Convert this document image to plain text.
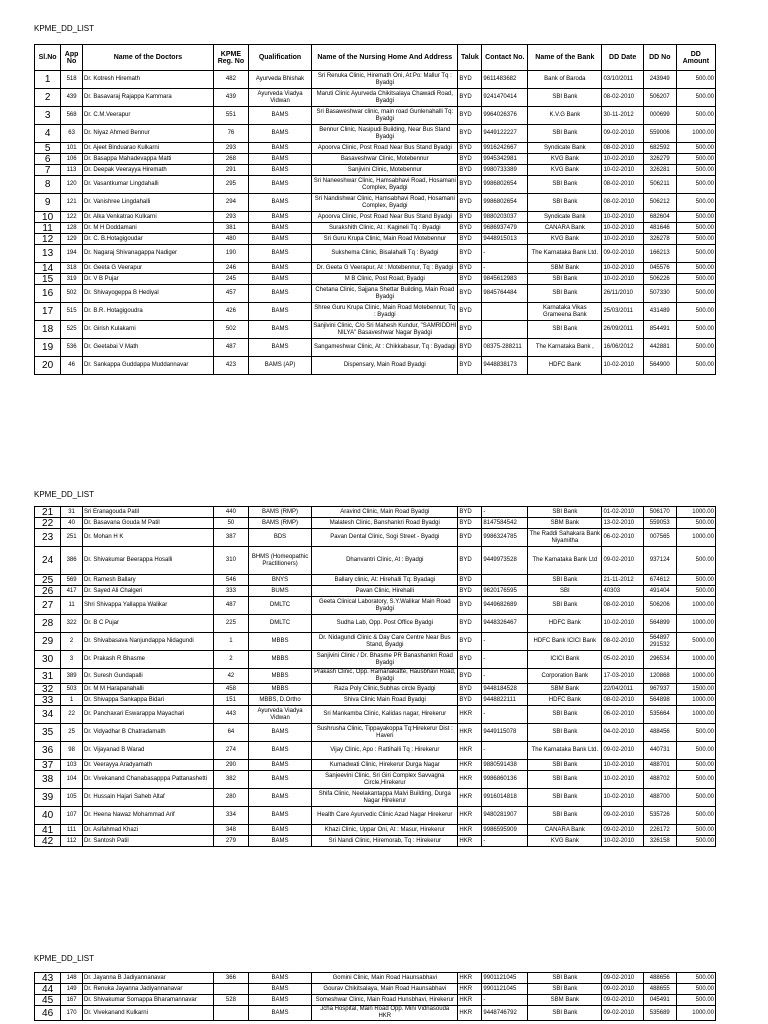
KPME_DD_LIST
Sl.No	App No	Name of the Doctors	KPME Reg. No	Qualification	Name of the Nursing Home And Address	Taluk	Contact No.	Name of the Bank	DD Date	DD No	DD Amount
1	518	Dr. Kotresh Hiremath	482	Ayurveda Bhishak	Sri Renuka Clinic, Hiremath Oni, At:Po: Mallur Tq : Byadgi	BYD	9611483682	Bank of Baroda	03/10/2011	243949	500.00
2	439	Dr. Basavaraj Rajappa Kammara	439	Ayurveda Viadya Vidwan	Maruti Clinic Ayurveda Chikitsalaya Chawadi Road, Byadgi	BYD	9241470414	SBI Bank	08-02-2010	506207	500.00
3	568	Dr. C.M.Veerapur	551	BAMS	Sri Basaweshwar clinic, main road Gunlenahalli Tq: Byadgi	BYD	9964026376	K.V.G Bank	30-11-2012	000699	500.00
4	63	Dr. Niyaz Ahmed Bennur	76	BAMS	Bennur Clinic, Nasipudi Building, Near Bus Stand Byadgi	BYD	9449122227	SBI Bank	09-02-2010	559006	1000.00
5	101	Dr. Ajeet Binduarao Kulkarni	293	BAMS	Apoorva Clinic, Post Road Near Bus Stand Byadgi	BYD	9916242667	Syndicate Bank	08-02-2010	682592	500.00
6	106	Dr. Basappa Mahadevappa Matti	268	BAMS	Basaveshwar Clinic, Motebennur	BYD	9945342981	KVG Bank	10-02-2010	326279	500.00
7	113	Dr. Deepak Veerayya Hiremath	291	BAMS	Sanjivini Clinic, Motebennur	BYD	9980733389	KVG Bank	10-02-2010	326281	500.00
8	120	Dr. Vasantkumar Lingdahalli	295	BAMS	Sri Naneeshwar Clinic, Hamsabhavi Road, Hosamani Complex, Byadgi	BYD	9986802654	SBI Bank	08-02-2010	506211	500.00
9	121	Dr. Vanishree Lingdahalli	294	BAMS	Sri Nandishwar Clinic, Hamsabhavi Road, Hosamani Complex, Byadgi	BYD	9986802654	SBI Bank	08-02-2010	506212	500.00
10	122	Dr. Alka Venkatrao Kulkarni	293	BAMS	Apoorva Clinic, Post Road Near Bus Stand Byadgi	BYD	9880203037	Syndicate Bank	10-02-2010	682604	500.00
11	128	Dr. M H Doddamani	381	BAMS	Surakshith Clinic, At : Kagineli Tq : Byadgi	BYD	9686937479	CANARA Bank	10-02-2010	481646	500.00
12	129	Dr. C. B.Hotagigoudar	480	BAMS	Sri Guru Krupa Clinic, Main Road Motebennur	BYD	9448915013	KVG Bank	10-02-2010	326278	500.00
13	194	Dr. Nagaraj Shivanagappa Nadiger	190	BAMS	Sukshema Clinic, Bisalahalli Tq : Byadgi	BYD	-	The Karnataka Bank Ltd.	09-02-2010	166213	500.00
14	318	Dr. Geeta G Veerapur	246	BAMS	Dr. Geeta G Veerapur, At : Motebennur, Tq : Byadgi	BYD	-	SBM Bank	10-02-2010	045576	500.00
15	319	Dr. V B Pujar	245	BAMS	M B Clinic, Post Road, Byadgi	BYD	9845612983	SBI Bank	10-02-2010	506226	500.00
16	502	Dr. Shivayogeppa B Hediyal	457	BAMS	Chetana Clinic, Sajjana Shettar Building, Main Road Byadgi	BYD	9845764484	SBI Bank	26/11/2010	507330	500.00
17	515	Dr. B.R. Hotagigoudra	426	BAMS	Shree Guru Krupa Clinic, Main Road Motebennur, Tq : Byadgi	BYD		Karnataka Vikas Grameena Bank	25/03/2011	431489	500.00
18	525	Dr. Girish Kulakarni	502	BAMS	Sanjivini Clinic, C/o Sri Mahesh Kundur, "SAMRIDDHI NILYA" Basaveshwar Nagar Byadgi	BYD		SBI Bank	26/09/2011	854491	500.00
19	536	Dr. Geetabai V Math	487	BAMS	Sangameshwar Clinic, At : Chikkabasur, Tq : Byadagi	BYD	08375-288211	The Karnataka Bank ,	16/06/2012	442881	500.00
20	46	Dr. Sankappa Guddappa Muddannavar	423	BAMS (AP)	Dispensary, Main Road Byadgi	BYD	9448838173	HDFC Bank	10-02-2010	564900	500.00
KPME_DD_LIST
21	31	Sri Eranagouda Patil	440	BAMS (RMP)	Aravind Clinic, Main Road Byadgi	BYD	-	SBI Bank	01-02-2010	506170	1000.00
22	40	Dr. Basavana Gouda M Patil	50	BAMS (RMP)	Malatesh Clinic, Banshankri Road Byadgi	BYD	8147584542	SBM Bank	13-02-2010	559053	500.00
23	251	Dr. Mohan H K	387	BDS	Pavan Dental Clinic, Sogi Street - Byadgi	BYD	9986324785	The Raddi Sahakara Bank Niyamitha	06-02-2010	007565	1000.00
24	386	Dr. Shivakumar Beerappa Hosalli	310	BHMS (Homeopathic Practitioners)	Dhanvantri Clinic, At : Byadgi	BYD	9449973528	The Karnataka Bank Ltd	09-02-2010	937124	500.00
25	569	Dr. Ramesh Ballary	546	BNYS	Ballary clinic, At: Hirehalli Tq: Byadagi	BYD		SBI Bank	21-11-2012	674612	500.00
26	417	Dr. Sayed Ali Chalgeri	333	BUMS	Pavan Clinic, Hirehalli	BYD	9620176595	SBI	40303	491404	500.00
27	11	Shri Shivappa Yallappa Walikar	487	DMLTC	Geeta Clinical Laboratory, S.Y.Walikar Main Road Byadgi	BYD	9449682689	SBI Bank	08-02-2010	506206	1000.00
28	322	Dr. B C Pujar	225	DMLTC	Sudha Lab, Opp. Post Office Byadgi	BYD	9448326467	HDFC Bank	10-02-2010	564899	1000.00
29	2	Dr. Shivabasava Nanjundappa Nidagundi	1	MBBS	Dr. Nidagundi Clinic & Day Care Centre Near Bus Stand, Byadgi	BYD	-	HDFC Bank ICICI Bank	08-02-2010	564897 291532	5000.00
30	3	Dr. Prakash R Bhasme	2	MBBS	Sanjivini Clinic / Dr. Bhasme PR Banashankri Road Byadgi	BYD	-	ICICI Bank	05-02-2010	296534	1000.00
31	389	Dr. Suresh Gundapalli	42	MBBS	Prakash Clinic, Opp. Ramanakatte, Hausbhavi Road, Byadgi	BYD	-	Corporation Bank	17-03-2010	120868	1000.00
32	503	Dr. M M Harapanahalli	458	MBBS	Raza Poly Clinic,Subhas circle Byadgi	BYD	9448184528	SBM Bank	22/04/2011	967937	1500.00
33	1	Dr. Shivappa Sankappa Bidari	151	MBBS, D.Ortho	Shiva Clinic Main Road Byadgi	BYD	9448822111	HDFC Bank	08-02-2010	564898	1000.00
34	22	Dr. Panchaxari Eswarappa Mayachari	443	Ayurveda Viadya Vidwan	Sri Mankamba Clinic, Kalidas nagar, Hirekerur	HKR	-	SBI Bank	06-02-2010	535664	1000.00
35	25	Dr. Vidyadhar B Chatradamath	64	BAMS	Sushrusha Clinic, Tippayakoppa Tq:Hirekerur Dist : Haveri	HKR	9449115078	SBI Bank	04-02-2010	488456	500.00
36	98	Dr. Vijayanad B Warad	274	BAMS	Vijay Clinic, Apo : Rattihalli Tq : Hirekerur	HKR	-	The Karnataka Bank Ltd.	09-02-2010	440731	500.00
37	103	Dr. Veerayya Aradyamath	290	BAMS	Kumadwati Clinic, Hirekerur Durga Nagar	HKR	9880591438	SBI Bank	10-02-2010	488701	500.00
38	104	Dr. Vivekanand Chanabasapppa Pattanashetti	382	BAMS	Sanjeevini Clinic, Sri Giri Complex Savvagna Circle,Hirekerur	HKR	9986860136	SBI Bank	10-02-2010	488702	500.00
39	105	Dr. Hussain Hajari Saheb Altaf	280	BAMS	Shifa Clinic, Neelakantappa Malvi Building, Durga Nagar Hirekerur	HKR	9916014818	SBI Bank	10-02-2010	488700	500.00
40	107	Dr. Heena Nawaz Mohammad Arif	334	BAMS	Health Care Ayurvedic Clinic Azad Nagar Hirekerur	HKR	9480281907	SBI Bank	09-02-2010	535726	500.00
41	111	Dr. Asifahmad Khazi	348	BAMS	Khazi Clinic, Uppar Oni, At : Masur, Hirekerur	HKR	9986595909	CANARA Bank	09-02-2010	226172	500.00
42	112	Dr. Santosh Patil	279	BAMS	Sri Nandi Clinic, Hiremorab, Tq : Hirekerur	HKR	-	KVG Bank	10-02-2010	326158	500.00
KPME_DD_LIST
43	148	Dr. Jayanna B Jadiyannanavar	366	BAMS	Gomini Clinic, Main Road Haunsabhavi	HKR	9901121045	SBI Bank	09-02-2010	488656	500.00
44	149	Dr. Renuka Jayanna Jadiyannanavar		BAMS	Gourav Chikitsalaya, Main Road Haunsabhavi	HKR	9901121045	SBI Bank	09-02-2010	488655	500.00
45	167	Dr. Shivakumar Somappa Bharamannavar	528	BAMS	Someshwar Clinic, Main Road Hunsbhavi, Hirekerur	HKR	-	SBM Bank	09-02-2010	045491	500.00
46	170	Dr. Vivekanand Kulkarni		BAMS	Jcha Hospital, Main Road Opp. Mini Vidnasouda HKR	HKR	9448746792	SBI Bank	09-02-2010	535689	1000.00
